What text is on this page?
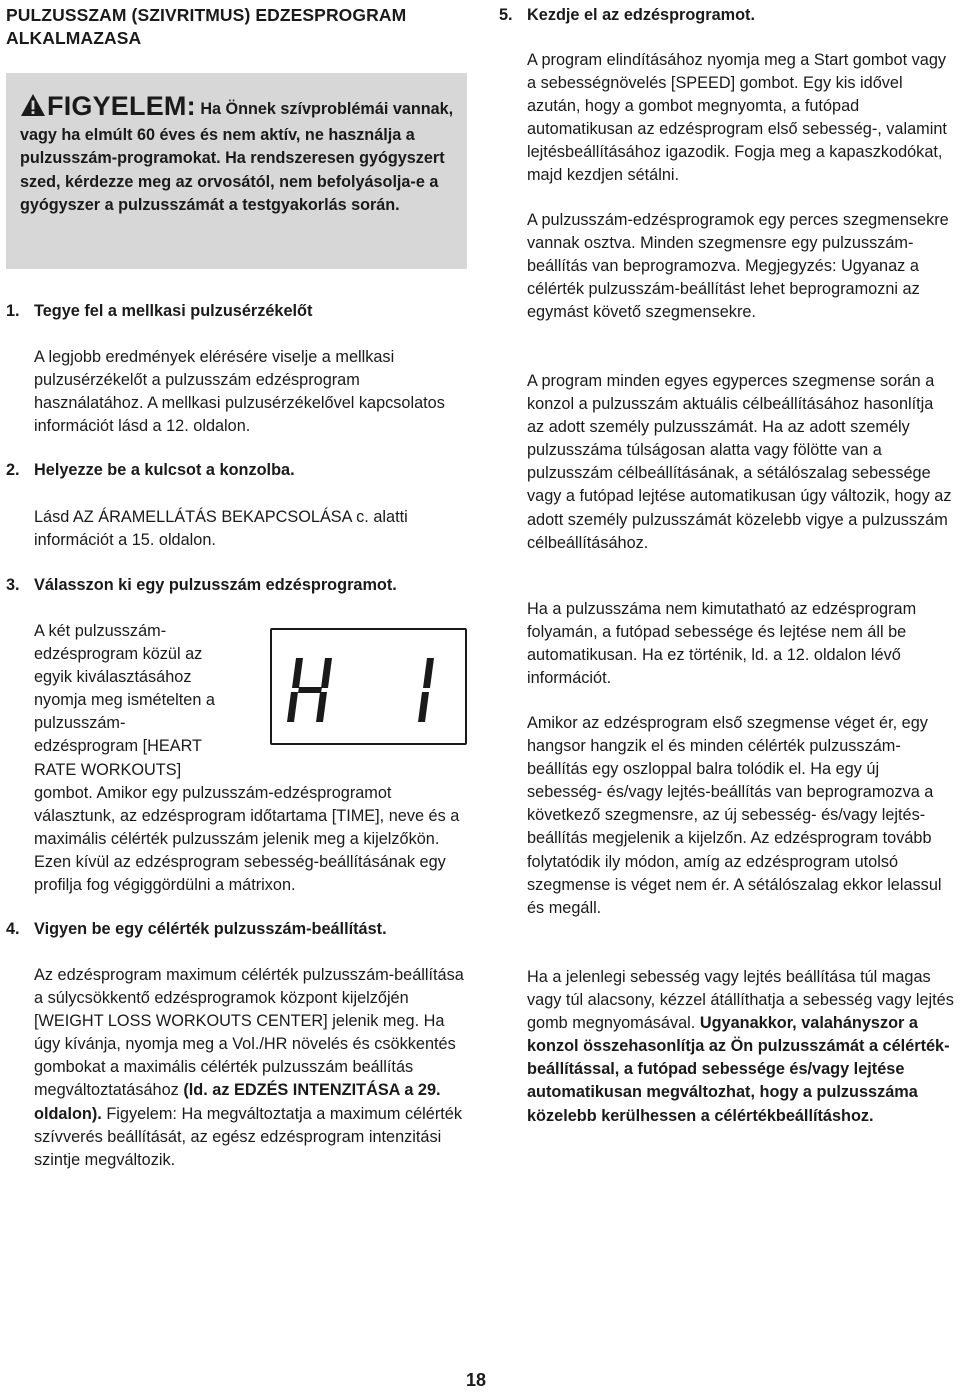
PULZUSSZAM (SZIVRITMUS) EDZESPROGRAM ALKALMAZASA
FIGYELEM: Ha Önnek szívproblémái vannak, vagy ha elmúlt 60 éves és nem aktív, ne használja a pulzusszám-programokat. Ha rendszeresen gyógyszert szed, kérdezze meg az orvosától, nem befolyásolja-e a gyógyszer a pulzusszámát a testgyakorlás során.
1. Tegye fel a mellkasi pulzusérzékelőt
A legjobb eredmények elérésére viselje a mellkasi pulzusérzékelőt a pulzusszám edzésprogram használatához. A mellkasi pulzusérzékelővel kapcsolatos információt lásd a 12. oldalon.
2. Helyezze be a kulcsot a konzolba.
Lásd AZ ÁRAMELLÁTÁS BEKAPCSOLÁSA c. alatti információt a 15. oldalon.
3. Válasszon ki egy pulzusszám edzésprogramot.
A két pulzusszám-edzésprogram közül az egyik kiválasztásához nyomja meg ismételten a pulzusszám-edzésprogram [HEART RATE WORKOUTS] gombot. Amikor egy pulzusszám-edzésprogramot választunk, az edzésprogram időtartama [TIME], neve és a maximális célérték pulzusszám jelenik meg a kijelzőkön. Ezen kívül az edzésprogram sebesség-beállításának egy profilja fog végiggördülni a mátrixon.
4. Vigyen be egy célérték pulzusszám-beállítást.
Az edzésprogram maximum célérték pulzusszám-beállítása a súlycsökkentő edzésprogramok központ kijelzőjén [WEIGHT LOSS WORKOUTS CENTER] jelenik meg. Ha úgy kívánja, nyomja meg a Vol./HR növelés és csökkentés gombokat a maximális célérték pulzusszám beállítás megváltoztatásához (ld. az EDZÉS INTENZITÁSA a 29. oldalon). Figyelem: Ha megváltoztatja a maximum célérték szívverés beállítását, az egész edzésprogram intenzitási szintje megváltozik.
5. Kezdje el az edzésprogramot.
A program elindításához nyomja meg a Start gombot vagy a sebességnövelés [SPEED] gombot. Egy kis idővel azután, hogy a gombot megnyomta, a futópad automatikusan az edzésprogram első sebesség-, valamint lejtésbeállításához igazodik. Fogja meg a kapaszkodókat, majd kezdjen sétálni.
A pulzusszám-edzésprogramok egy perces szegmensekre vannak osztva. Minden szegmensre egy pulzusszám-beállítás van beprogramozva. Megjegyzés: Ugyanaz a célérték pulzusszám-beállítást lehet beprogramozni az egymást követő szegmensekre.
A program minden egyes egyperces szegmense során a konzol a pulzusszám aktuális célbeállításához hasonlítja az adott személy pulzusszámát. Ha az adott személy pulzusszáma túlságosan alatta vagy fölötte van a pulzusszám célbeállításának, a sétálószalag sebessége vagy a futópad lejtése automatikusan úgy változik, hogy az adott személy pulzusszámát közelebb vigye a pulzusszám célbeállításához.
Ha a pulzusszáma nem kimutatható az edzésprogram folyamán, a futópad sebessége és lejtése nem áll be automatikusan. Ha ez történik, ld. a 12. oldalon lévő információt.
Amikor az edzésprogram első szegmense véget ér, egy hangsor hangzik el és minden célérték pulzusszám-beállítás egy oszloppal balra tolódik el. Ha egy új sebesség- és/vagy lejtés-beállítás van beprogramozva a következő szegmensre, az új sebesség- és/vagy lejtés-beállítás megjelenik a kijelzőn. Az edzésprogram tovább folytatódik ily módon, amíg az edzésprogram utolsó szegmense is véget nem ér. A sétálószalag ekkor lelassul és megáll.
Ha a jelenlegi sebesség vagy lejtés beállítása túl magas vagy túl alacsony, kézzel átállíthatja a sebesség vagy lejtés gomb megnyomásával. Ugyanakkor, valahányszor a konzol összehasonlítja az Ön pulzusszámát a célérték-beállítással, a futópad sebessége és/vagy lejtése automatikusan megváltozhat, hogy a pulzusszáma közelebb kerülhessen a célértékbeállításhoz.
18
